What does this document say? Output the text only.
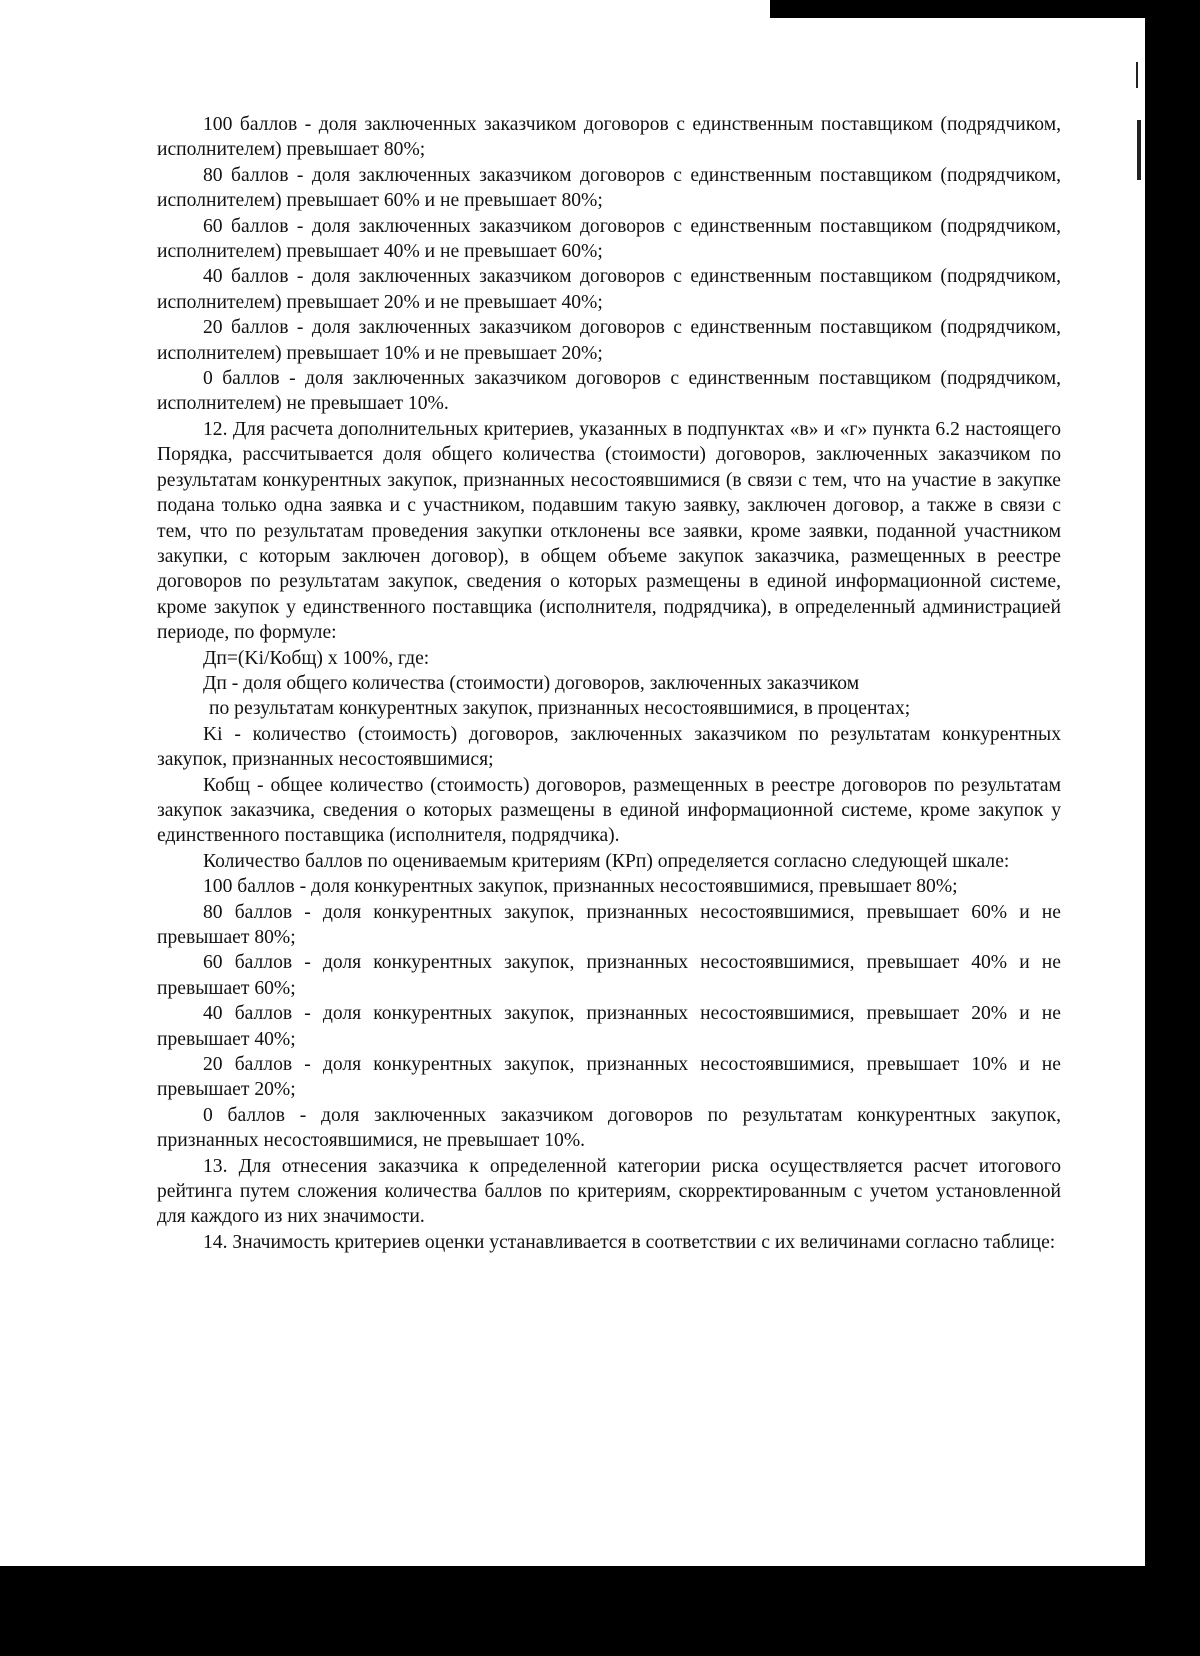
100 баллов - доля заключенных заказчиком договоров с единственным поставщиком (подрядчиком, исполнителем) превышает 80%;

80 баллов - доля заключенных заказчиком договоров с единственным поставщиком (подрядчиком, исполнителем) превышает 60% и не превышает 80%;

60 баллов - доля заключенных заказчиком договоров с единственным поставщиком (подрядчиком, исполнителем) превышает 40% и не превышает 60%;

40 баллов - доля заключенных заказчиком договоров с единственным поставщиком (подрядчиком, исполнителем) превышает 20% и не превышает 40%;

20 баллов - доля заключенных заказчиком договоров с единственным поставщиком (подрядчиком, исполнителем) превышает 10% и не превышает 20%;

0 баллов - доля заключенных заказчиком договоров с единственным поставщиком (подрядчиком, исполнителем) не превышает 10%.

12. Для расчета дополнительных критериев, указанных в подпунктах «в» и «г» пункта 6.2 настоящего Порядка, рассчитывается доля общего количества (стоимости) договоров, заключенных заказчиком по результатам конкурентных закупок, признанных несостоявшимися (в связи с тем, что на участие в закупке подана только одна заявка и с участником, подавшим такую заявку, заключен договор, а также в связи с тем, что по результатам проведения закупки отклонены все заявки, кроме заявки, поданной участником закупки, с которым заключен договор), в общем объеме закупок заказчика, размещенных в реестре договоров по результатам закупок, сведения о которых размещены в единой информационной системе, кроме закупок у единственного поставщика (исполнителя, подрядчика), в определенный администрацией периоде, по формуле:

Дп=(Ki/Кобщ) x 100%, где:

Дп - доля общего количества (стоимости) договоров, заключенных заказчиком

по результатам конкурентных закупок, признанных несостоявшимися, в процентах;

Ki - количество (стоимость) договоров, заключенных заказчиком по результатам конкурентных закупок, признанных несостоявшимися;

Кобщ - общее количество (стоимость) договоров, размещенных в реестре договоров по результатам закупок заказчика, сведения о которых размещены в единой информационной системе, кроме закупок у единственного поставщика (исполнителя, подрядчика).

Количество баллов по оцениваемым критериям (КРп) определяется согласно следующей шкале:

100 баллов - доля конкурентных закупок, признанных несостоявшимися, превышает 80%;

80 баллов - доля конкурентных закупок, признанных несостоявшимися, превышает 60% и не превышает 80%;

60 баллов - доля конкурентных закупок, признанных несостоявшимися, превышает 40% и не превышает 60%;

40 баллов - доля конкурентных закупок, признанных несостоявшимися, превышает 20% и не превышает 40%;

20 баллов - доля конкурентных закупок, признанных несостоявшимися, превышает 10% и не превышает 20%;

0 баллов - доля заключенных заказчиком договоров по результатам конкурентных закупок, признанных несостоявшимися, не превышает 10%.

13. Для отнесения заказчика к определенной категории риска осуществляется расчет итогового рейтинга путем сложения количества баллов по критериям, скорректированным с учетом установленной для каждого из них значимости.

14. Значимость критериев оценки устанавливается в соответствии с их величинами согласно таблице:
